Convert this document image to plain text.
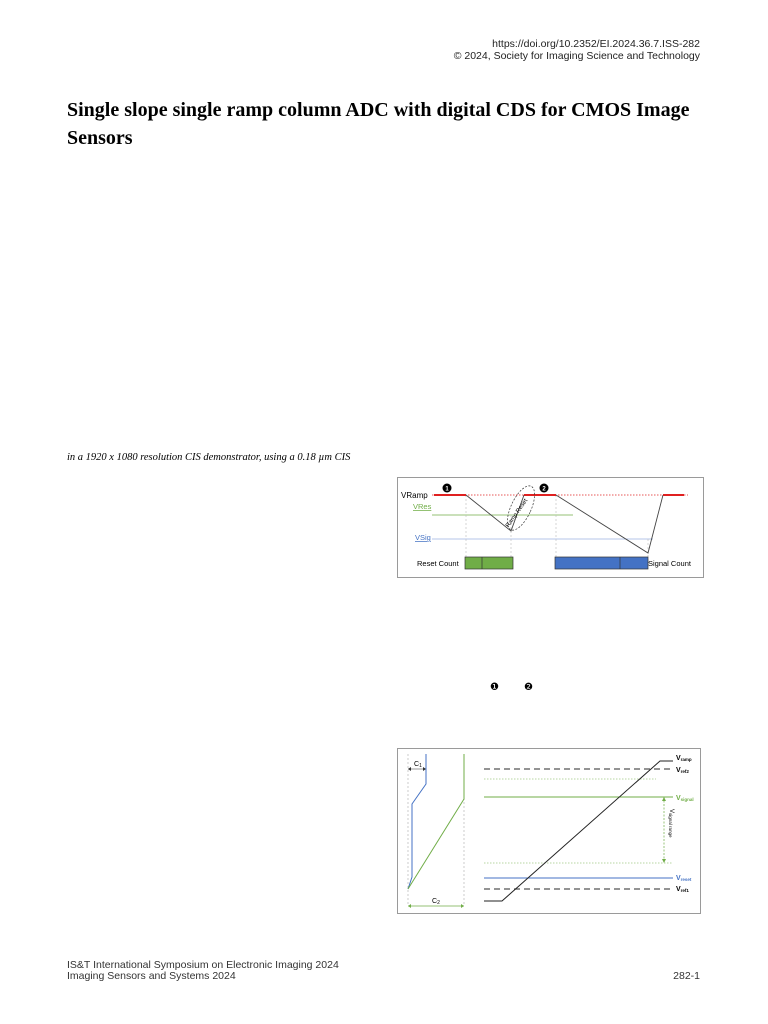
https://doi.org/10.2352/EI.2024.36.7.ISS-282
© 2024, Society for Imaging Science and Technology
Single slope single ramp column ADC with digital CDS for CMOS Image Sensors
in a 1920 x 1080 resolution CIS demonstrator, using a 0.18 µm CIS
Ramp Reset
1	2
VRamp
VRes
VSig
Reset Count	Signal Count
❶	❷
C1
C2
Vsignal range
Vramp
Vref2
Vsignal
Vreset
Vref1
IS&T International Symposium on Electronic Imaging 2024
Imaging Sensors and Systems 2024	282-1
